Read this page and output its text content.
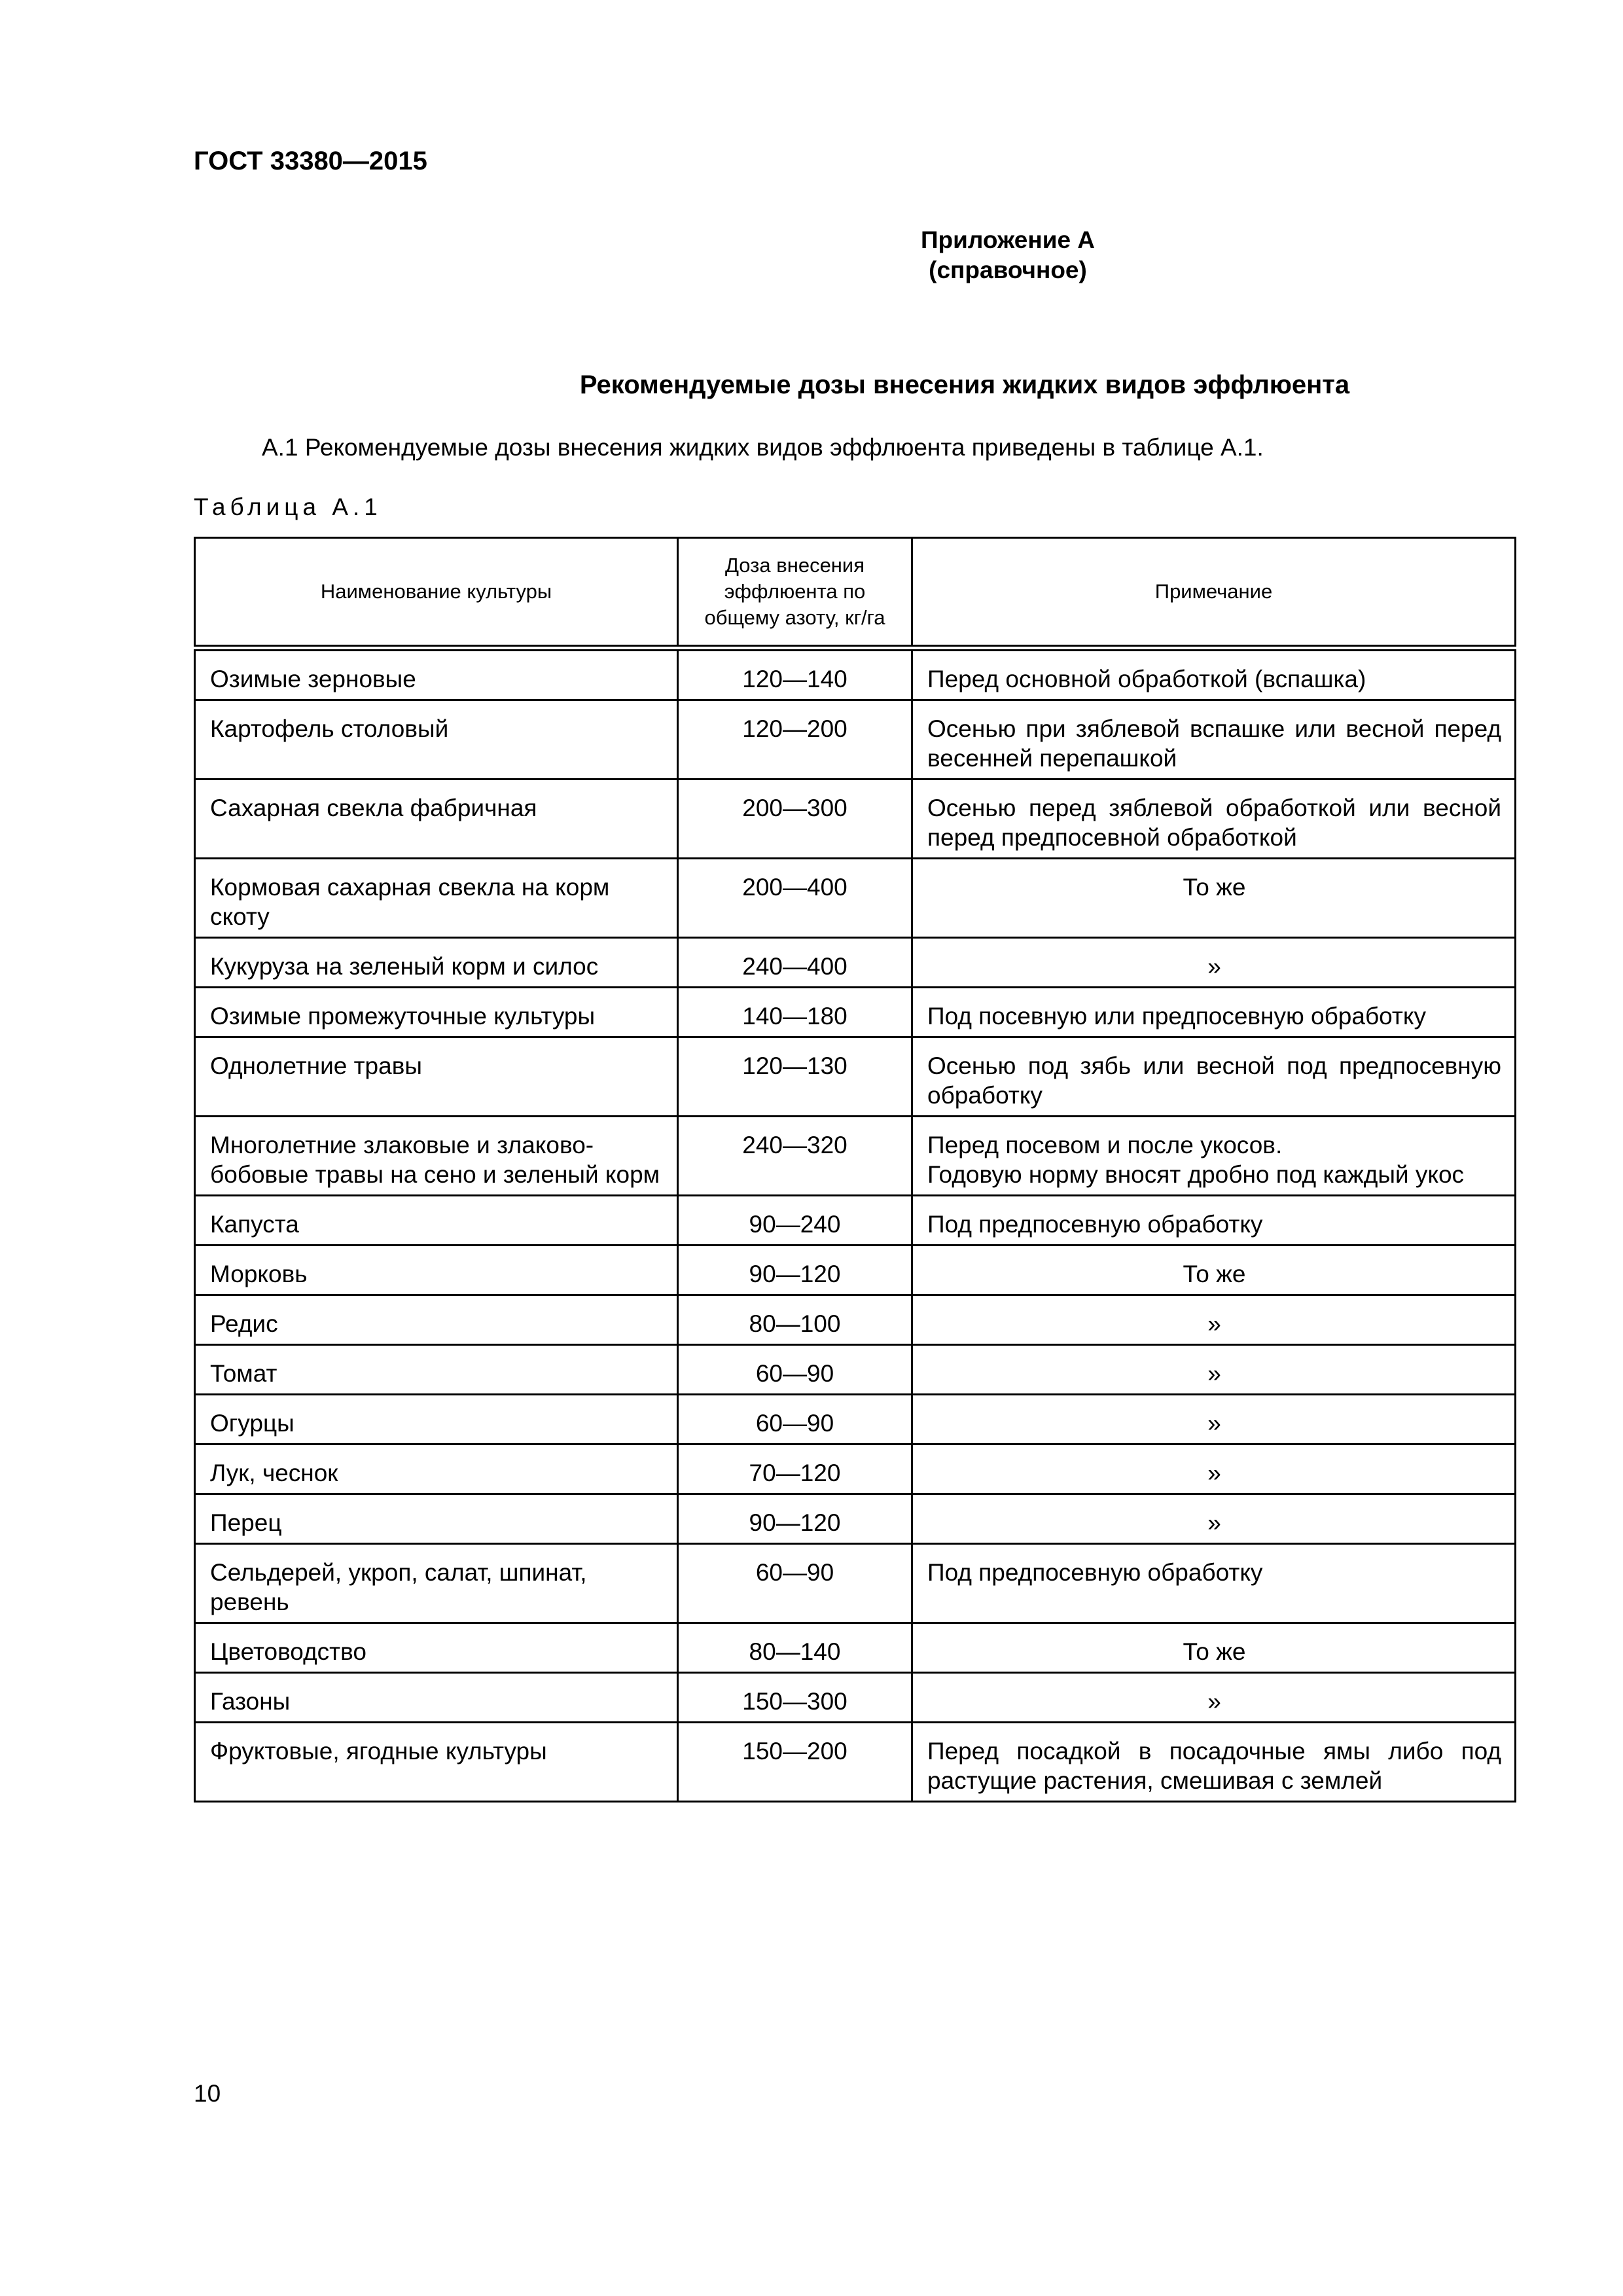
ГОСТ 33380—2015
Приложение А
(справочное)
Рекомендуемые дозы внесения жидких видов эффлюента
А.1 Рекомендуемые дозы внесения жидких видов эффлюента приведены в таблице А.1.
Таблица А.1
Наименование культуры	Доза внесения эффлюента по общему азоту, кг/га	Примечание
Озимые зерновые	120—140	Перед основной обработкой (вспашка)
Картофель столовый	120—200	Осенью при зяблевой вспашке или весной перед весенней перепашкой
Сахарная свекла фабричная	200—300	Осенью перед зяблевой обработкой или весной перед предпосевной обработкой
Кормовая сахарная свекла на корм скоту	200—400	То же
Кукуруза на зеленый корм и силос	240—400	»
Озимые промежуточные культуры	140—180	Под посевную или предпосевную обработку
Однолетние травы	120—130	Осенью под зябь или весной под предпосевную обработку
Многолетние злаковые и злаково-бобовые травы на сено и зеленый корм	240—320	Перед посевом и после укосов.
Годовую норму вносят дробно под каждый укос

Капуста	90—240	Под предпосевную обработку
Морковь	90—120	То же
Редис	80—100	»
Томат	60—90	»
Огурцы	60—90	»
Лук, чеснок	70—120	»
Перец	90—120	»
Сельдерей, укроп, салат, шпинат, ревень	60—90	Под предпосевную обработку
Цветоводство	80—140	То же
Газоны	150—300	»
Фруктовые, ягодные культуры	150—200	Перед посадкой в посадочные ямы либо под растущие растения, смешивая с землей
10
